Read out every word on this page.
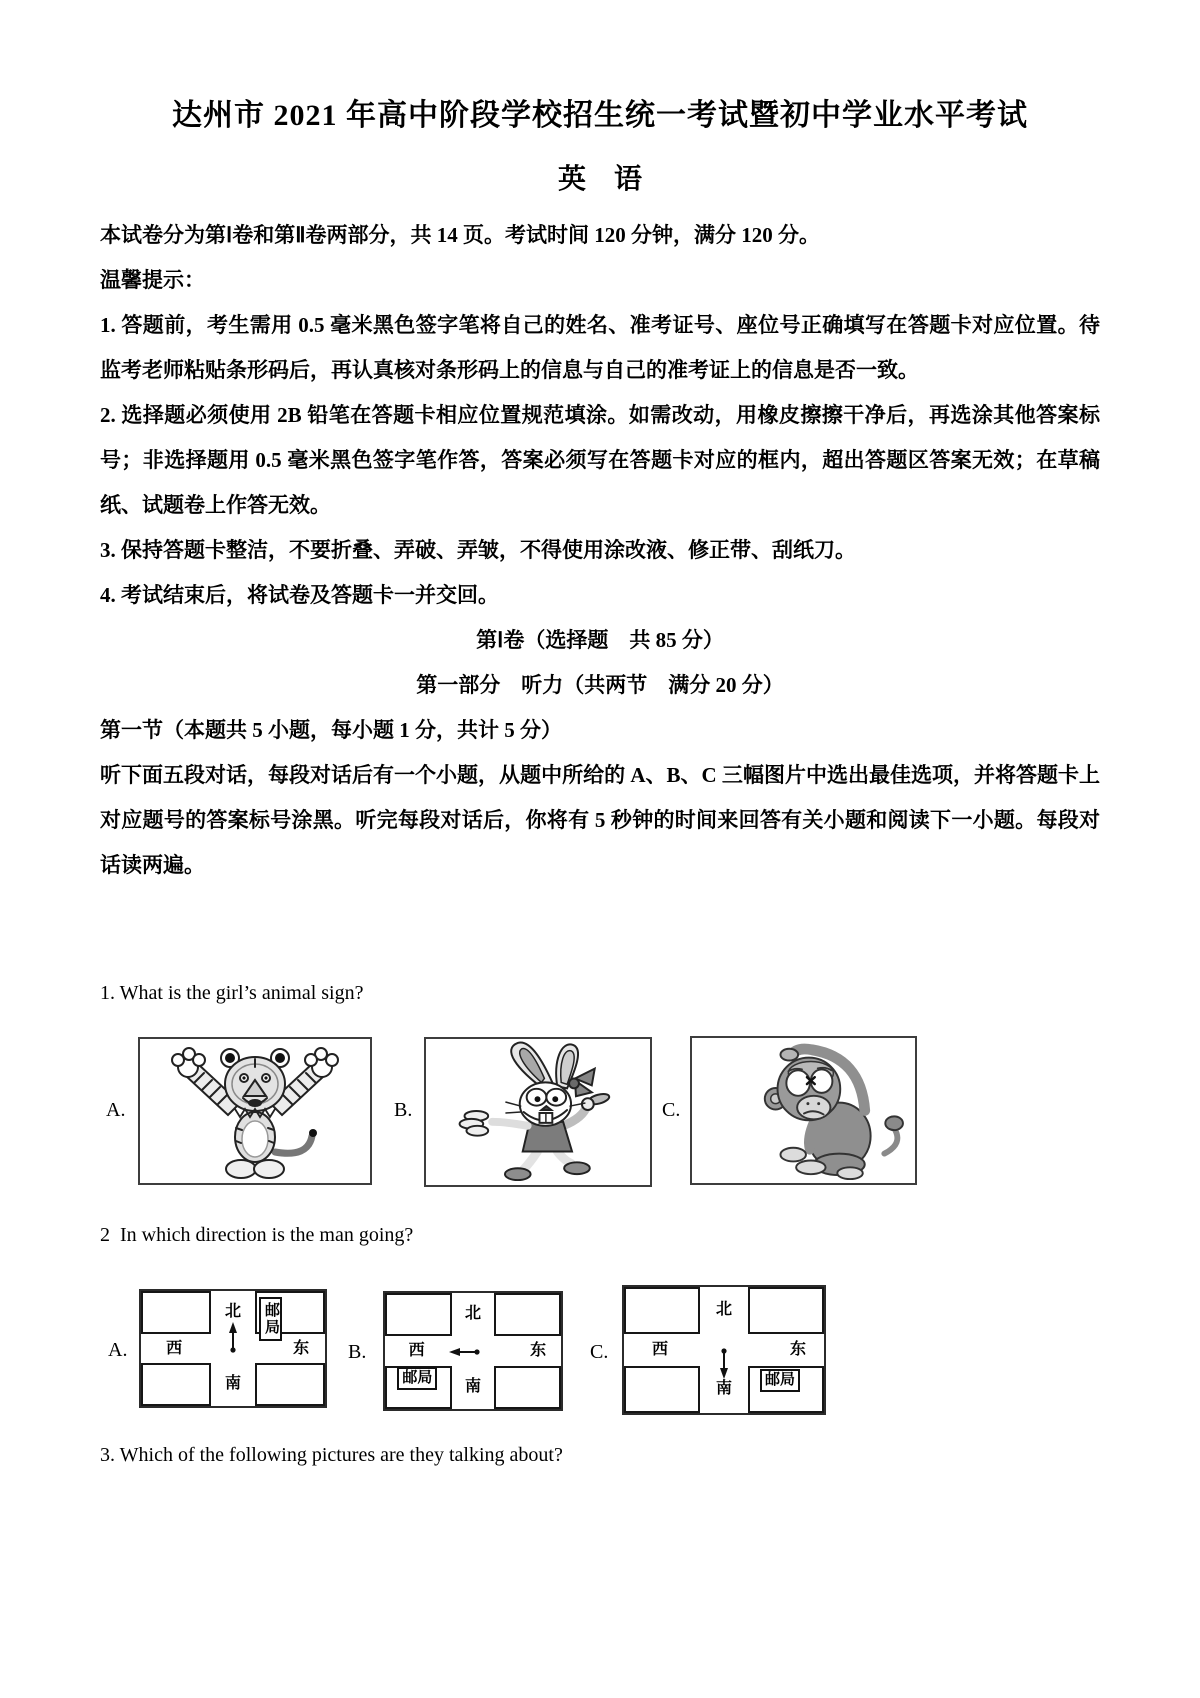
达州市 2021 年高中阶段学校招生统一考试暨初中学业水平考试
英　语

本试卷分为第Ⅰ卷和第Ⅱ卷两部分，共 14 页。考试时间 120 分钟，满分 120 分。

温馨提示：

1. 答题前，考生需用 0.5 毫米黑色签字笔将自己的姓名、准考证号、座位号正确填写在答题卡对应位置。待监考老师粘贴条形码后，再认真核对条形码上的信息与自己的准考证上的信息是否一致。

2. 选择题必须使用 2B 铅笔在答题卡相应位置规范填涂。如需改动，用橡皮擦擦干净后，再选涂其他答案标号；非选择题用 0.5 毫米黑色签字笔作答，答案必须写在答题卡对应的框内，超出答题区答案无效；在草稿纸、试题卷上作答无效。

3. 保持答题卡整洁，不要折叠、弄破、弄皱，不得使用涂改液、修正带、刮纸刀。

4. 考试结束后，将试卷及答题卡一并交回。

第Ⅰ卷（选择题　共 85 分）

第一部分　听力（共两节　满分 20 分）

第一节（本题共 5 小题，每小题 1 分，共计 5 分）

听下面五段对话，每段对话后有一个小题，从题中所给的 A、B、C 三幅图片中选出最佳选项，并将答题卡上对应题号的答案标号涂黑。听完每段对话后，你将有 5 秒钟的时间来回答有关小题和阅读下一小题。每段对话读两遍。

1. What is the girl’s animal sign?
A.	B.	C.
2  In which direction is the man going?
A.
北
南
西	东
邮局
B.
北
南
西	东
邮局
C.
北
南
西	东
邮局
3. Which of the following pictures are they talking about?
